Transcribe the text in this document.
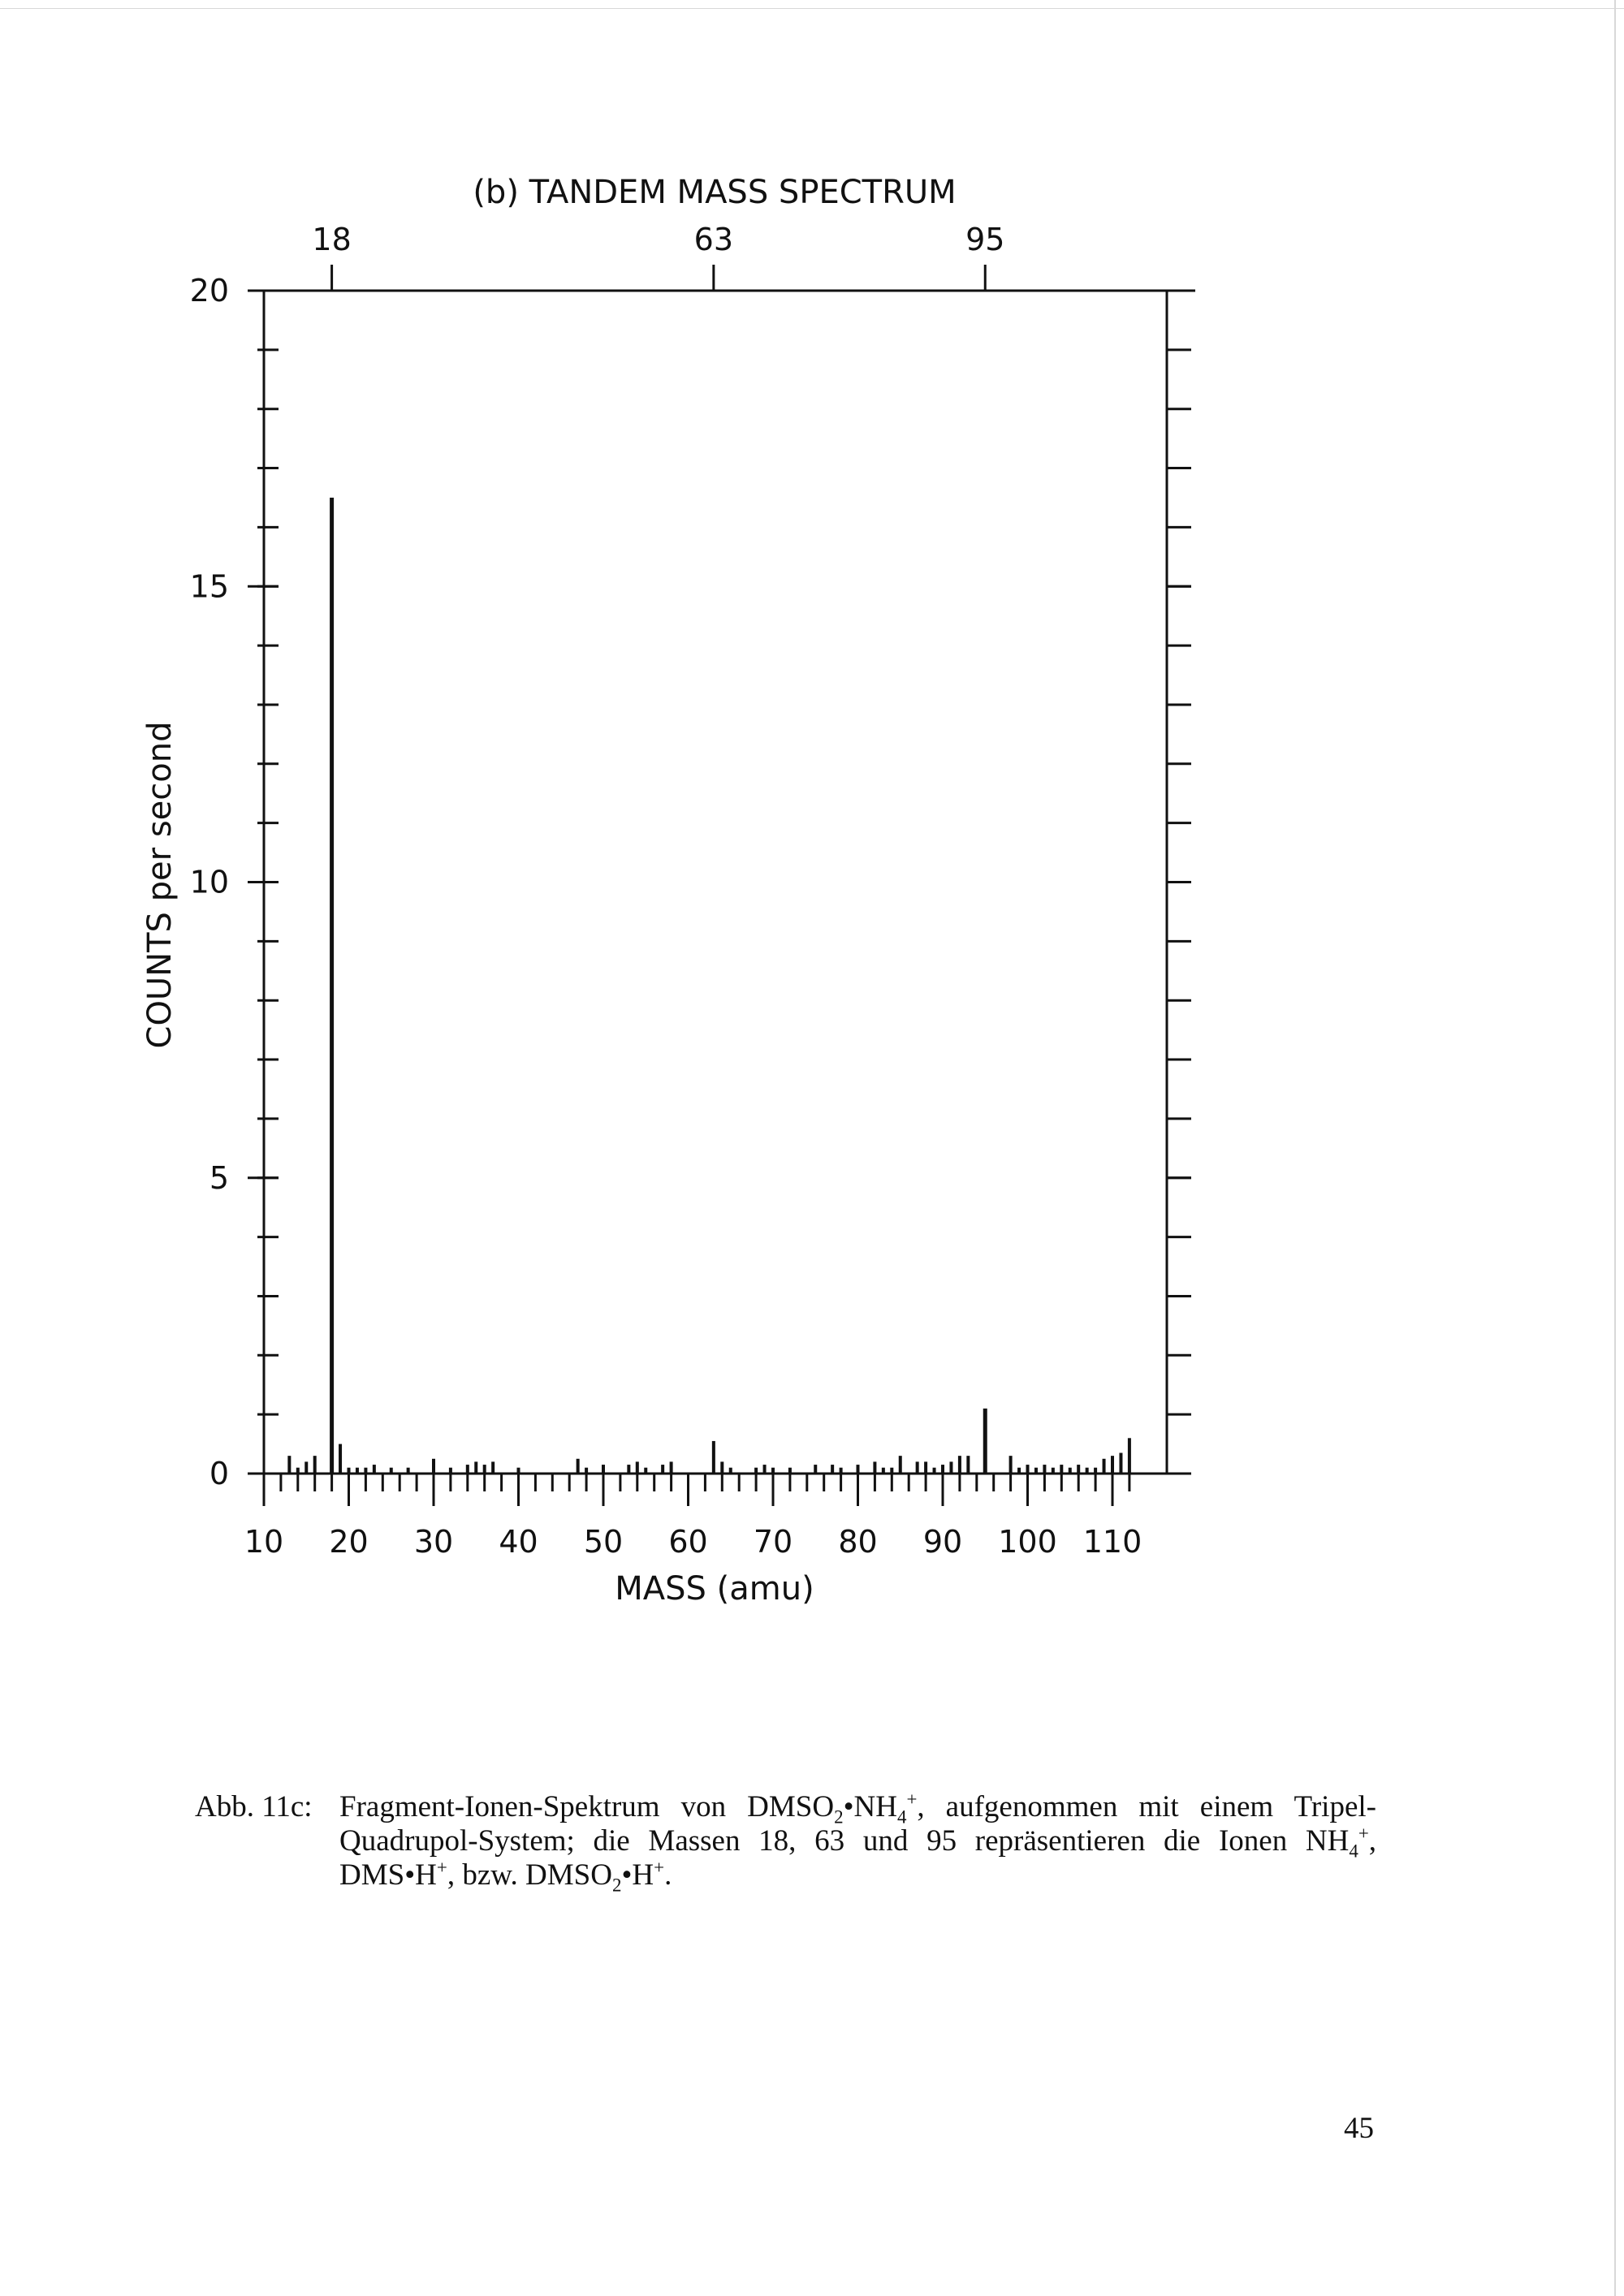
(b) TANDEM MASS SPECTRUM
10 20 30 40 50 60 70 80 90 100 110
0
5
10
15
20
18	63	95
MASS (amu)
COUNTS per second
Abb. 11c: Fragment-Ionen-Spektrum von $DMSO_2•NH_4^+$, aufgenommen mit einem Tripel- Quadrupol-System; die Massen 18, 63 und 95 repräsentieren die Ionen $NH_4^+$, DMS•H+, bzw. $DMSO_2•H^+$.
45
